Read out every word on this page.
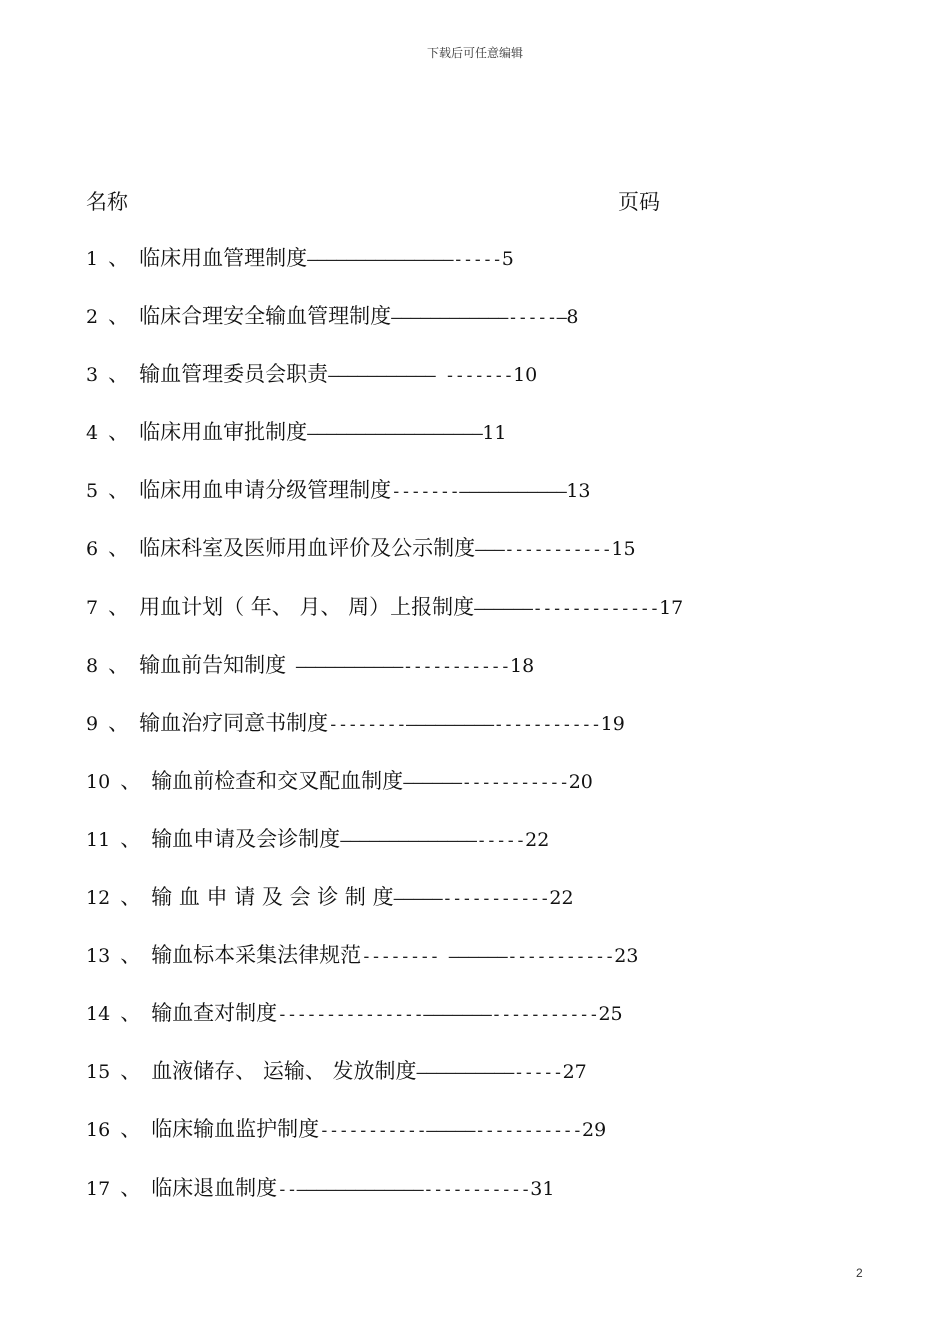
下载后可任意编辑
名称	页码
1 、 临床用血管理制度———————————————-----5
2 、 临床合理安全输血管理制度————————————-----—8
3 、 输血管理委员会职责——————————— -------10
4 、 临床用血审批制度——————————————————11
5 、 临床用血申请分级管理制度-------———————————13
6 、 临床科室及医师用血评价及公示制度———-----------15
7 、 用血计划（ 年、 月、 周）上报制度——————-------------17
8 、 输血前告知制度 ———————————-----------18
9 、 输血治疗同意书制度--------—————————-----------19
10 、 输血前检查和交叉配血制度——————-----------20
11 、 输血申请及会诊制度——————————————-----22
12 、 输 血 申 请 及 会 诊 制 度—————-----------22
13 、 输血标本采集法律规范-------- ——————-----------23
14 、 输血查对制度---------------———————-----------25
15 、 血液储存、 运输、 发放制度——————————-----27
16 、 临床输血监护制度-----------—————-----------29
17 、 临床退血制度--—————————————-----------31
2
